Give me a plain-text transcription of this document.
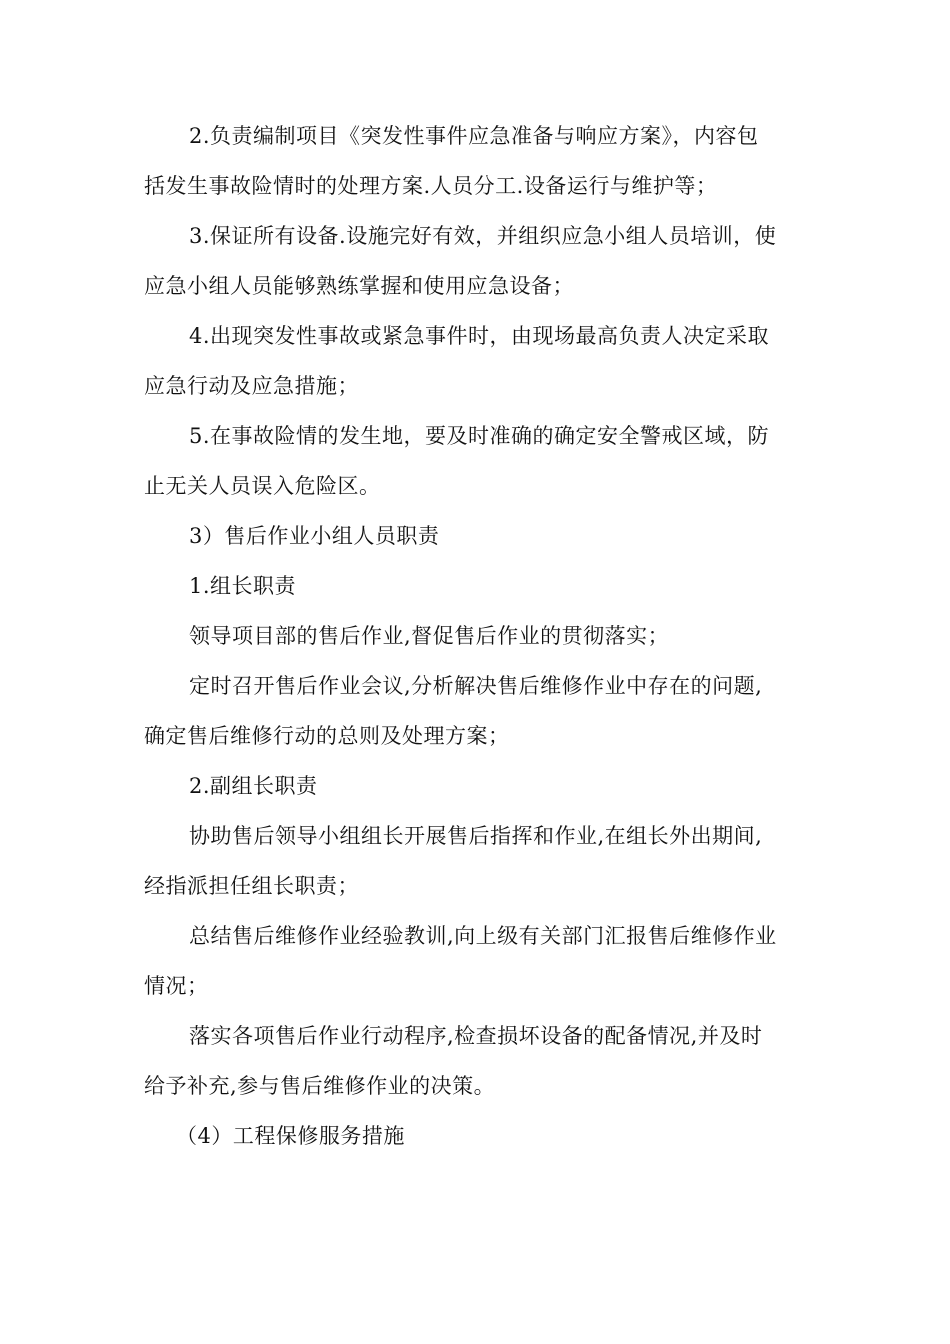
2.负责编制项目《突发性事件应急准备与响应方案》，内容包
括发生事故险情时的处理方案.人员分工.设备运行与维护等；
3.保证所有设备.设施完好有效，并组织应急小组人员培训，使
应急小组人员能够熟练掌握和使用应急设备；
4.出现突发性事故或紧急事件时，由现场最高负责人决定采取
应急行动及应急措施；
5.在事故险情的发生地，要及时准确的确定安全警戒区域，防
止无关人员误入危险区。
3）售后作业小组人员职责
1.组长职责
领导项目部的售后作业,督促售后作业的贯彻落实；
定时召开售后作业会议,分析解决售后维修作业中存在的问题,
确定售后维修行动的总则及处理方案；
2.副组长职责
协助售后领导小组组长开展售后指挥和作业,在组长外出期间,
经指派担任组长职责；
总结售后维修作业经验教训,向上级有关部门汇报售后维修作业
情况；
落实各项售后作业行动程序,检查损坏设备的配备情况,并及时
给予补充,参与售后维修作业的决策。
（4）工程保修服务措施
